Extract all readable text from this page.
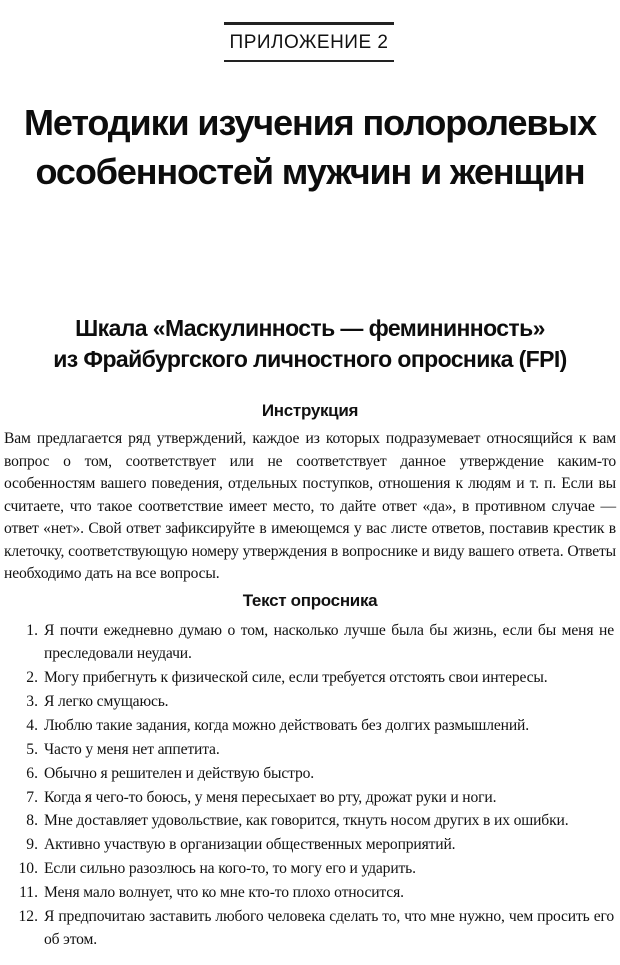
ПРИЛОЖЕНИЕ 2
Методики изучения полоролевых особенностей мужчин и женщин
Шкала «Маскулинность — фемининность»
из Фрайбургского личностного опросника (FPI)
Инструкция

Вам предлагается ряд утверждений, каждое из которых подразумевает относящийся к вам вопрос о том, соответствует или не соответствует данное утверждение каким-то особенностям вашего поведения, отдельных поступков, отношения к людям и т. п. Если вы считаете, что такое соответствие имеет место, то дайте ответ «да», в противном случае — ответ «нет». Свой ответ зафиксируйте в имеющемся у вас листе ответов, поставив крестик в клеточку, соответствующую номеру утверждения в вопроснике и виду вашего ответа. Ответы необходимо дать на все вопросы.

Текст опросника
1. Я почти ежедневно думаю о том, насколько лучше была бы жизнь, если бы меня не преследовали неудачи.
2. Могу прибегнуть к физической силе, если требуется отстоять свои интересы.
3. Я легко смущаюсь.
4. Люблю такие задания, когда можно действовать без долгих размышлений.
5. Часто у меня нет аппетита.
6. Обычно я решителен и действую быстро.
7. Когда я чего-то боюсь, у меня пересыхает во рту, дрожат руки и ноги.
8. Мне доставляет удовольствие, как говорится, ткнуть носом других в их ошибки.
9. Активно участвую в организации общественных мероприятий.
10. Если сильно разозлюсь на кого-то, то могу его и ударить.
11. Меня мало волнует, что ко мне кто-то плохо относится.
12. Я предпочитаю заставить любого человека сделать то, что мне нужно, чем просить его об этом.
